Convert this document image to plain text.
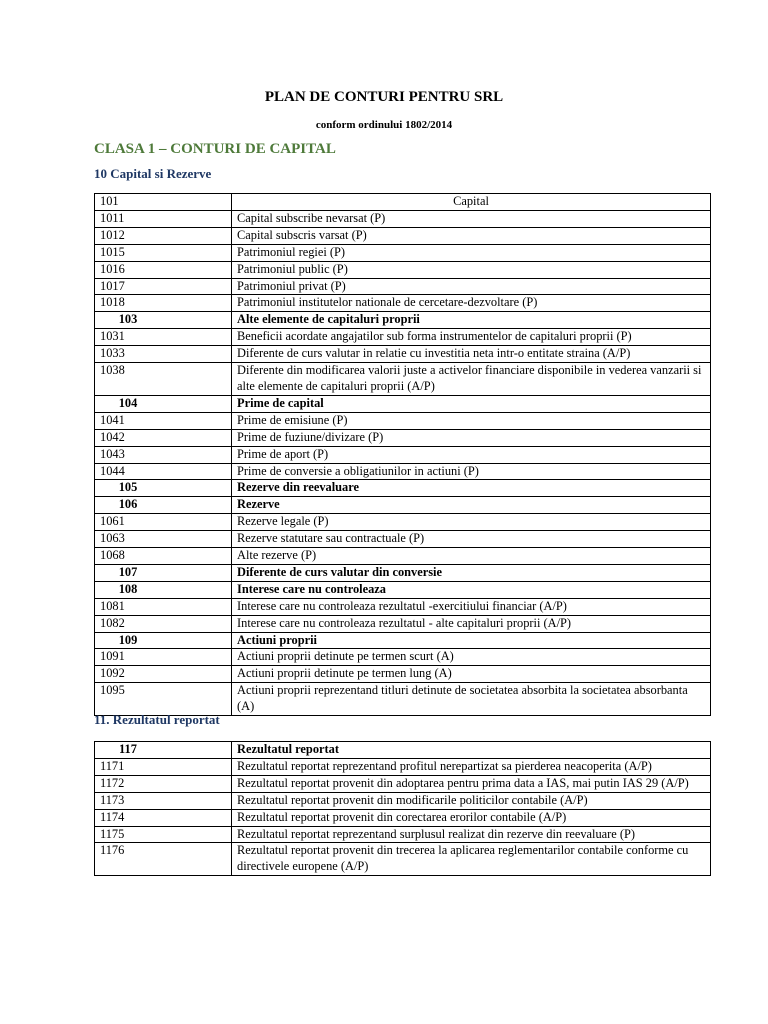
PLAN DE CONTURI PENTRU SRL
conform ordinului 1802/2014
CLASA 1 – CONTURI DE CAPITAL
10 Capital si Rezerve
101	Capital
1011	Capital subscribe nevarsat (P)
1012	Capital subscris varsat (P)
1015	Patrimoniul regiei (P)
1016	Patrimoniul public (P)
1017	Patrimoniul privat (P)
1018	Patrimoniul institutelor nationale de cercetare-dezvoltare (P)
103	Alte elemente de capitaluri proprii
1031	Beneficii acordate angajatilor sub forma instrumentelor de capitaluri proprii (P)
1033	Diferente de curs valutar in relatie cu investitia neta intr-o entitate straina (A/P)
1038	Diferente din modificarea valorii juste a activelor financiare disponibile in vederea vanzarii si alte elemente de capitaluri proprii (A/P)
104	Prime de capital
1041	Prime de emisiune (P)
1042	Prime de fuziune/divizare (P)
1043	Prime de aport (P)
1044	Prime de conversie a obligatiunilor in actiuni (P)
105	Rezerve din reevaluare
106	Rezerve
1061	Rezerve legale (P)
1063	Rezerve statutare sau contractuale (P)
1068	Alte rezerve (P)
107	Diferente de curs valutar din conversie
108	Interese care nu controleaza
1081	Interese care nu controleaza rezultatul -exercitiului financiar (A/P)
1082	Interese care nu controleaza rezultatul - alte capitaluri proprii (A/P)
109	Actiuni proprii
1091	Actiuni proprii detinute pe termen scurt (A)
1092	Actiuni proprii detinute pe termen lung (A)
1095	Actiuni proprii reprezentand titluri detinute de societatea absorbita la societatea absorbanta (A)
11. Rezultatul reportat
117	Rezultatul reportat
1171	Rezultatul reportat reprezentand profitul nerepartizat sa pierderea neacoperita (A/P)
1172	Rezultatul reportat provenit din adoptarea pentru prima data a IAS, mai putin IAS 29 (A/P)
1173	Rezultatul reportat provenit din modificarile politicilor contabile (A/P)
1174	Rezultatul reportat provenit din corectarea erorilor contabile (A/P)
1175	Rezultatul reportat reprezentand surplusul realizat din rezerve din reevaluare (P)
1176	Rezultatul reportat provenit din trecerea la aplicarea reglementarilor contabile conforme cu directivele europene (A/P)
